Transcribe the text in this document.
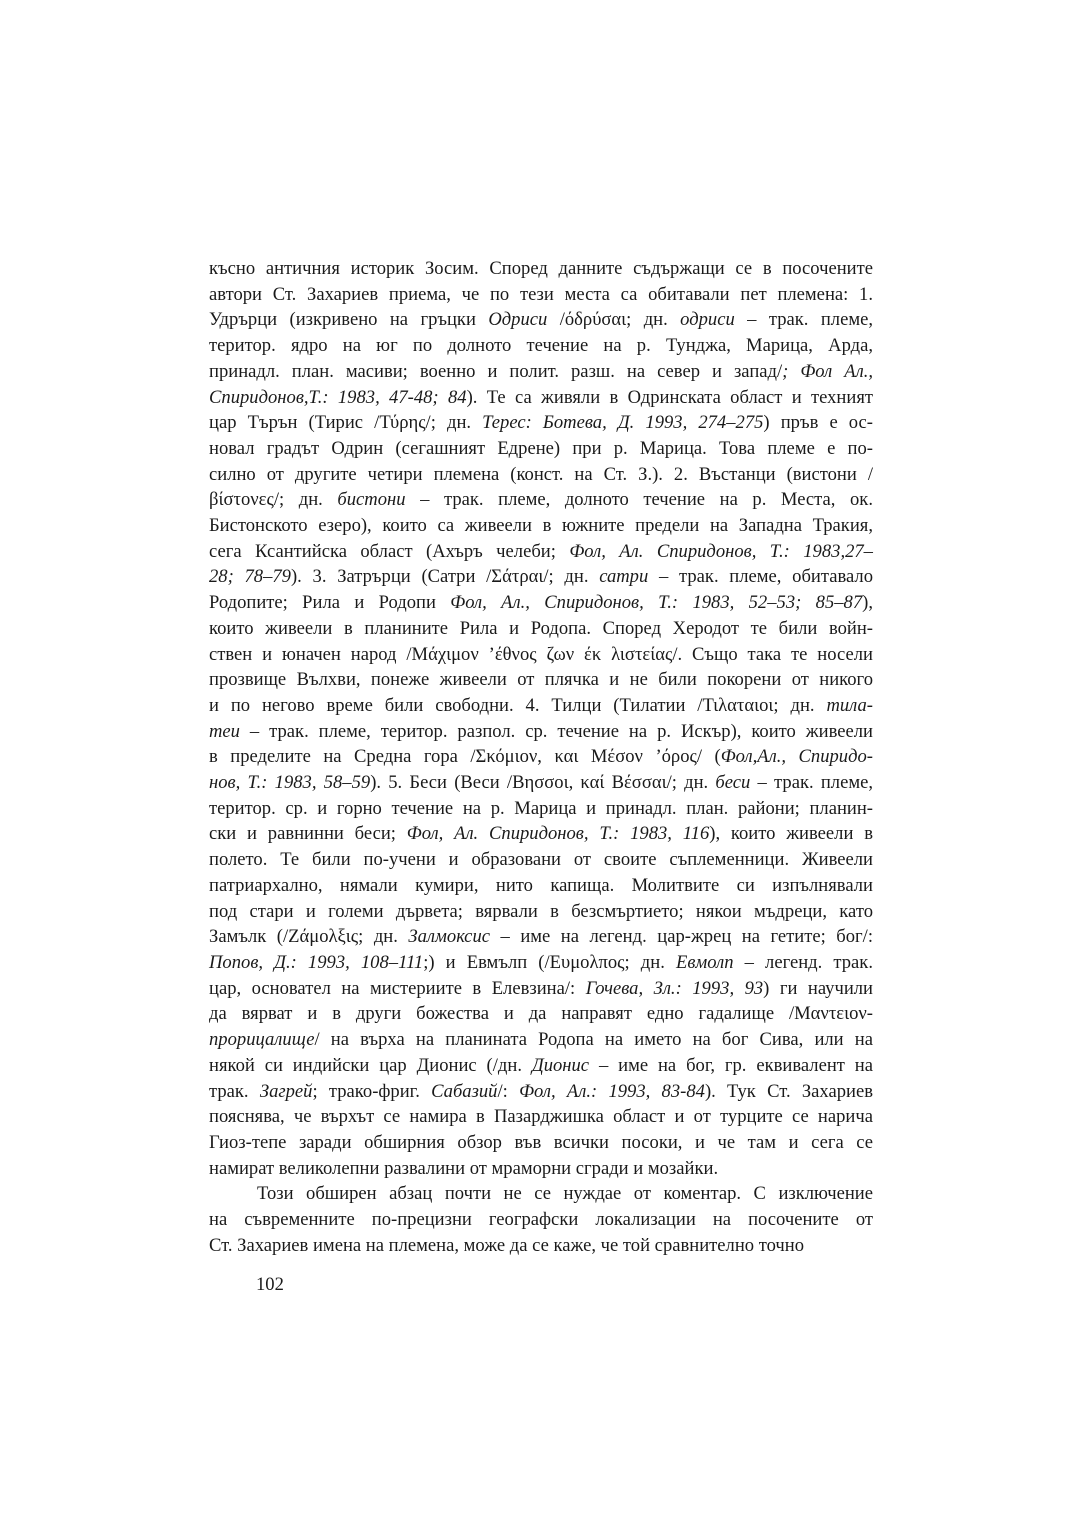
късно античния историк Зосим. Според данните съдържащи се в посочените
автори Ст. Захариев приема, че по тези места са обитавали пет племена: 1.
Удрърци (изкривено на гръцки Одриси /όδρύσαι; дн. одриси – трак. племе,
територ. ядро на юг по долното течение на р. Тунджа, Марица, Арда,
принадл. план. масиви; военно и полит. разш. на север и запад/; Фол Ал.,
Спиридонов,Т.: 1983, 47-48; 84). Те са живяли в Одринската област и техният
цар Търън (Тирис /Τύρης/; дн. Терес: Ботева, Д. 1993, 274–275) пръв е ос-
новал градът Одрин (сегашният Едрене) при р. Марица. Това племе е по-
силно от другите четири племена (конст. на Ст. З.). 2. Въстанци (вистони /
βίστονες/; дн. бистони – трак. племе, долното течение на р. Места, ок.
Бистонското езеро), които са живеели в южните предели на Западна Тракия,
сега Ксантийска област (Ахъръ челеби; Фол, Ал. Спиридонов, Т.: 1983,27–
28; 78–79). 3. Затрърци (Сатри /Σάτραι/; дн. сатри – трак. племе, обитавало
Родопите; Рила и Родопи Фол, Ал., Спиридонов, Т.: 1983, 52–53; 85–87),
които живеели в планините Рила и Родопа. Според Херодот те били войн-
ствен и юначен народ /Μάχιμον ’έθνος ζων έκ λιστείας/. Също така те носели
прозвище Вълхви, понеже живеели от плячка и не били покорени от никого
и по негово време били свободни. 4. Тилци (Тилатии /Τιλαταιοι; дн. тила-
теи – трак. племе, територ. разпол. ср. течение на р. Искър), които живеели
в пределите на Средна гора /Σκόμιον, και Μέσον ’όρος/ (Фол,Ал., Спиридо-
нов, Т.: 1983, 58–59). 5. Беси (Веси /Βησσοι, καί Βέσσαι/; дн. беси – трак. племе,
територ. ср. и горно течение на р. Марица и принадл. план. райони; планин-
ски и равнинни беси; Фол, Ал. Спиридонов, Т.: 1983, 116), които живеели в
полето. Те били по-учени и образовани от своите съплеменници. Живеели
патриархално, нямали кумири, нито капища. Молитвите си изпълнявали
под стари и големи дървета; вярвали в безсмъртието; някои мъдреци, като
Замълк (/Ζάμολξις; дн. Залмоксис – име на легенд. цар-жрец на гетите; бог/:
Попов, Д.: 1993, 108–111;) и Евмълп (/Ευμολπος; дн. Евмолп – легенд. трак.
цар, основател на мистериите в Елевзина/: Гочева, Зл.: 1993, 93) ги научили
да вярват и в други божества и да направят едно гадалище /Μαντειον-
прорицалище/ на върха на планината Родопа на името на бог Сива, или на
някой си индийски цар Дионис (/дн. Дионис – име на бог, гр. еквивалент на
трак. Загрей; трако-фриг. Сабазий/: Фол, Ал.: 1993, 83-84). Тук Ст. Захариев
пояснява, че върхът се намира в Пазарджишка област и от турците се нарича
Гиоз-тепе заради обширния обзор във всички посоки, и че там и сега се
намират великолепни развалини от мраморни сгради и мозайки.
Този обширен абзац почти не се нуждае от коментар. С изключение
на съвременните по-прецизни географски локализации на посочените от
Ст. Захариев имена на племена, може да се каже, че той сравнително точно
102
